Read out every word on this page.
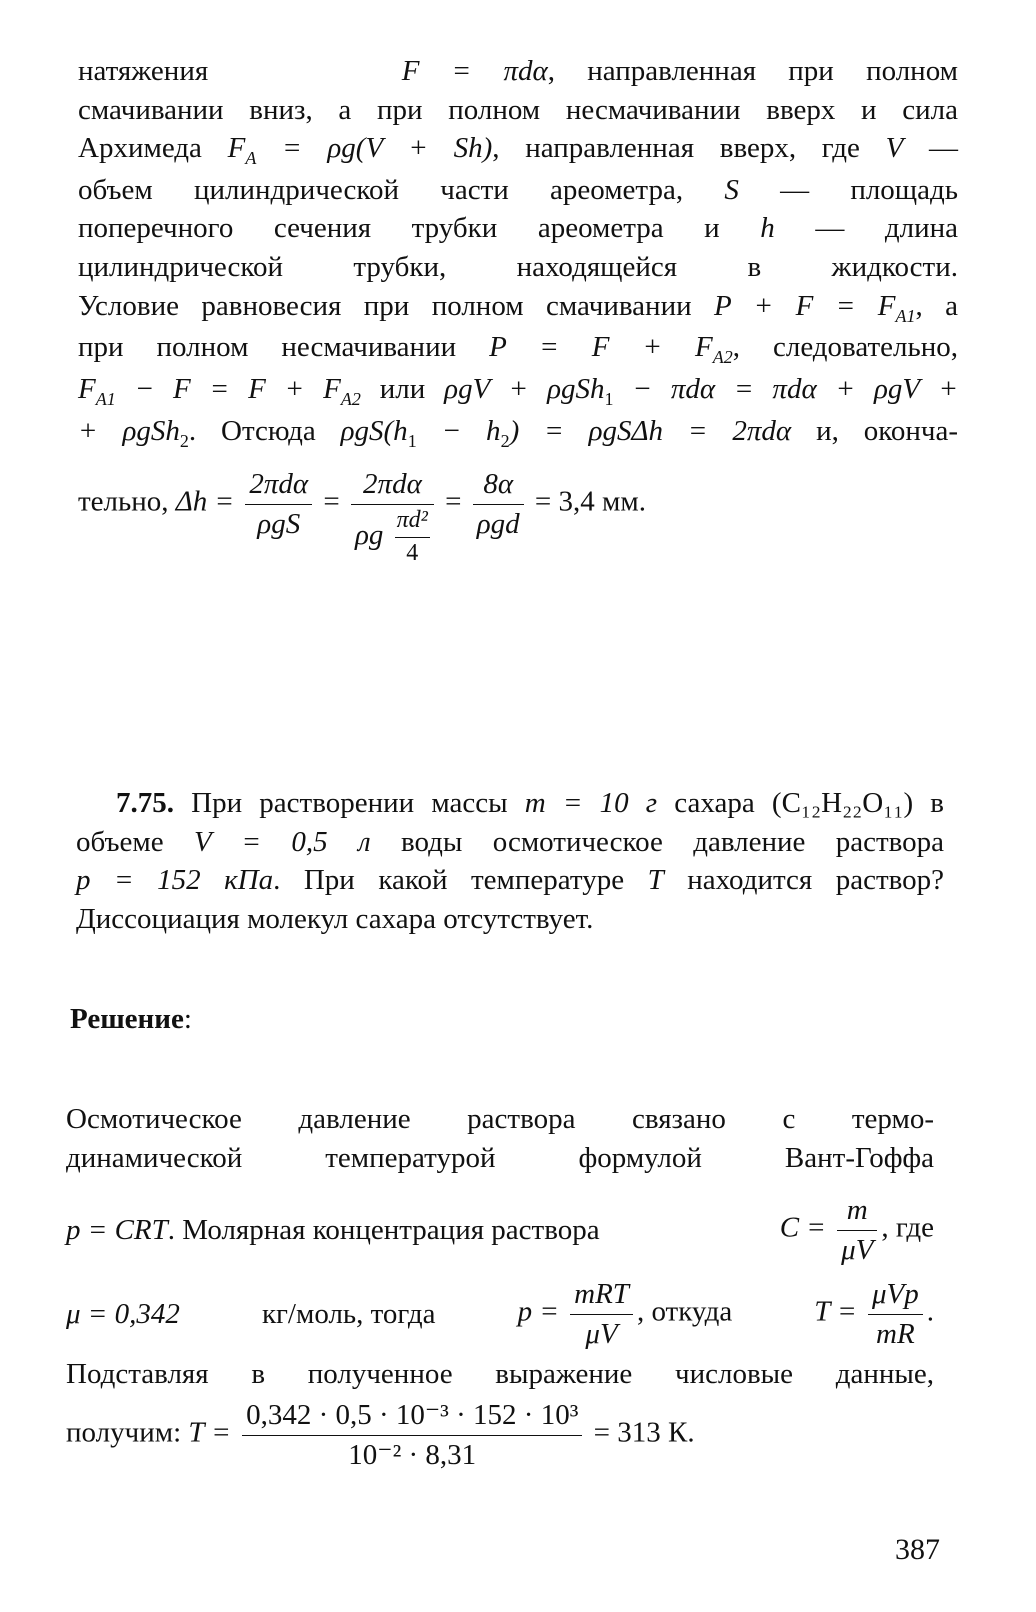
натяжения	F = πdα, направленная при полном

смачивании вниз, а при полном несмачивании вверх и сила

Архимеда $F_A = \rho g(V + Sh)$, направленная вверх, где V —

объем цилиндрической части ареометра, S — площадь

поперечного сечения трубки ареометра и h — длина

цилиндрической трубки, находящейся в жидкости.

Условие равновесия при полном смачивании $P + F = F_{A1}$, а

при полном несмачивании $P = F + F_{A2}$, следовательно,

$F_{A1} - F = F + F_{A2}$ или ρgV + ρgSh$_1$ − πdα = πdα + ρgV +

+ ρgSh$_2$. Отсюда $\rho gS(h_1 - h_2) = \rho gS\Delta h = 2\pi d\alpha$ и, оконча-

тельно, $\Delta h = \frac{\text{2πdα}}{\text{ρgS}} = \frac{\text{2πdα}}{\rho g \frac{\text{πd²}}{4}} = \frac{8\alpha}{\text{ρgd}} = 3,4$ мм.

7.75. При растворении массы m = 10 г сахара (C₁₂H₂₂O₁₁) в

объеме V = 0,5 л воды осмотическое давление раствора

p = 152 кПа. При какой температуре T находится раствор?

Диссоциация молекул сахара отсутствует.

Решение:

Осмотическое давление раствора связано с термо-

динамической температурой формулой Вант-Гоффа

p = CRT. Молярная концентрация раствора	$C = \frac{m}{\mu V}$ , где
μ = 0,342	кг/моль, тогда	$p = \frac{\text{mRT}}{\mu V}$ , откуда	$T = \frac{\text{μVp}}{mR}$ .

Подставляя в полученное выражение числовые данные,

получим: $T = \frac{\text{0,342 · 0,5 · 10⁻³ · 152 · 10³}}{\text{10⁻² · 8,31}} = 313$ К.
387
